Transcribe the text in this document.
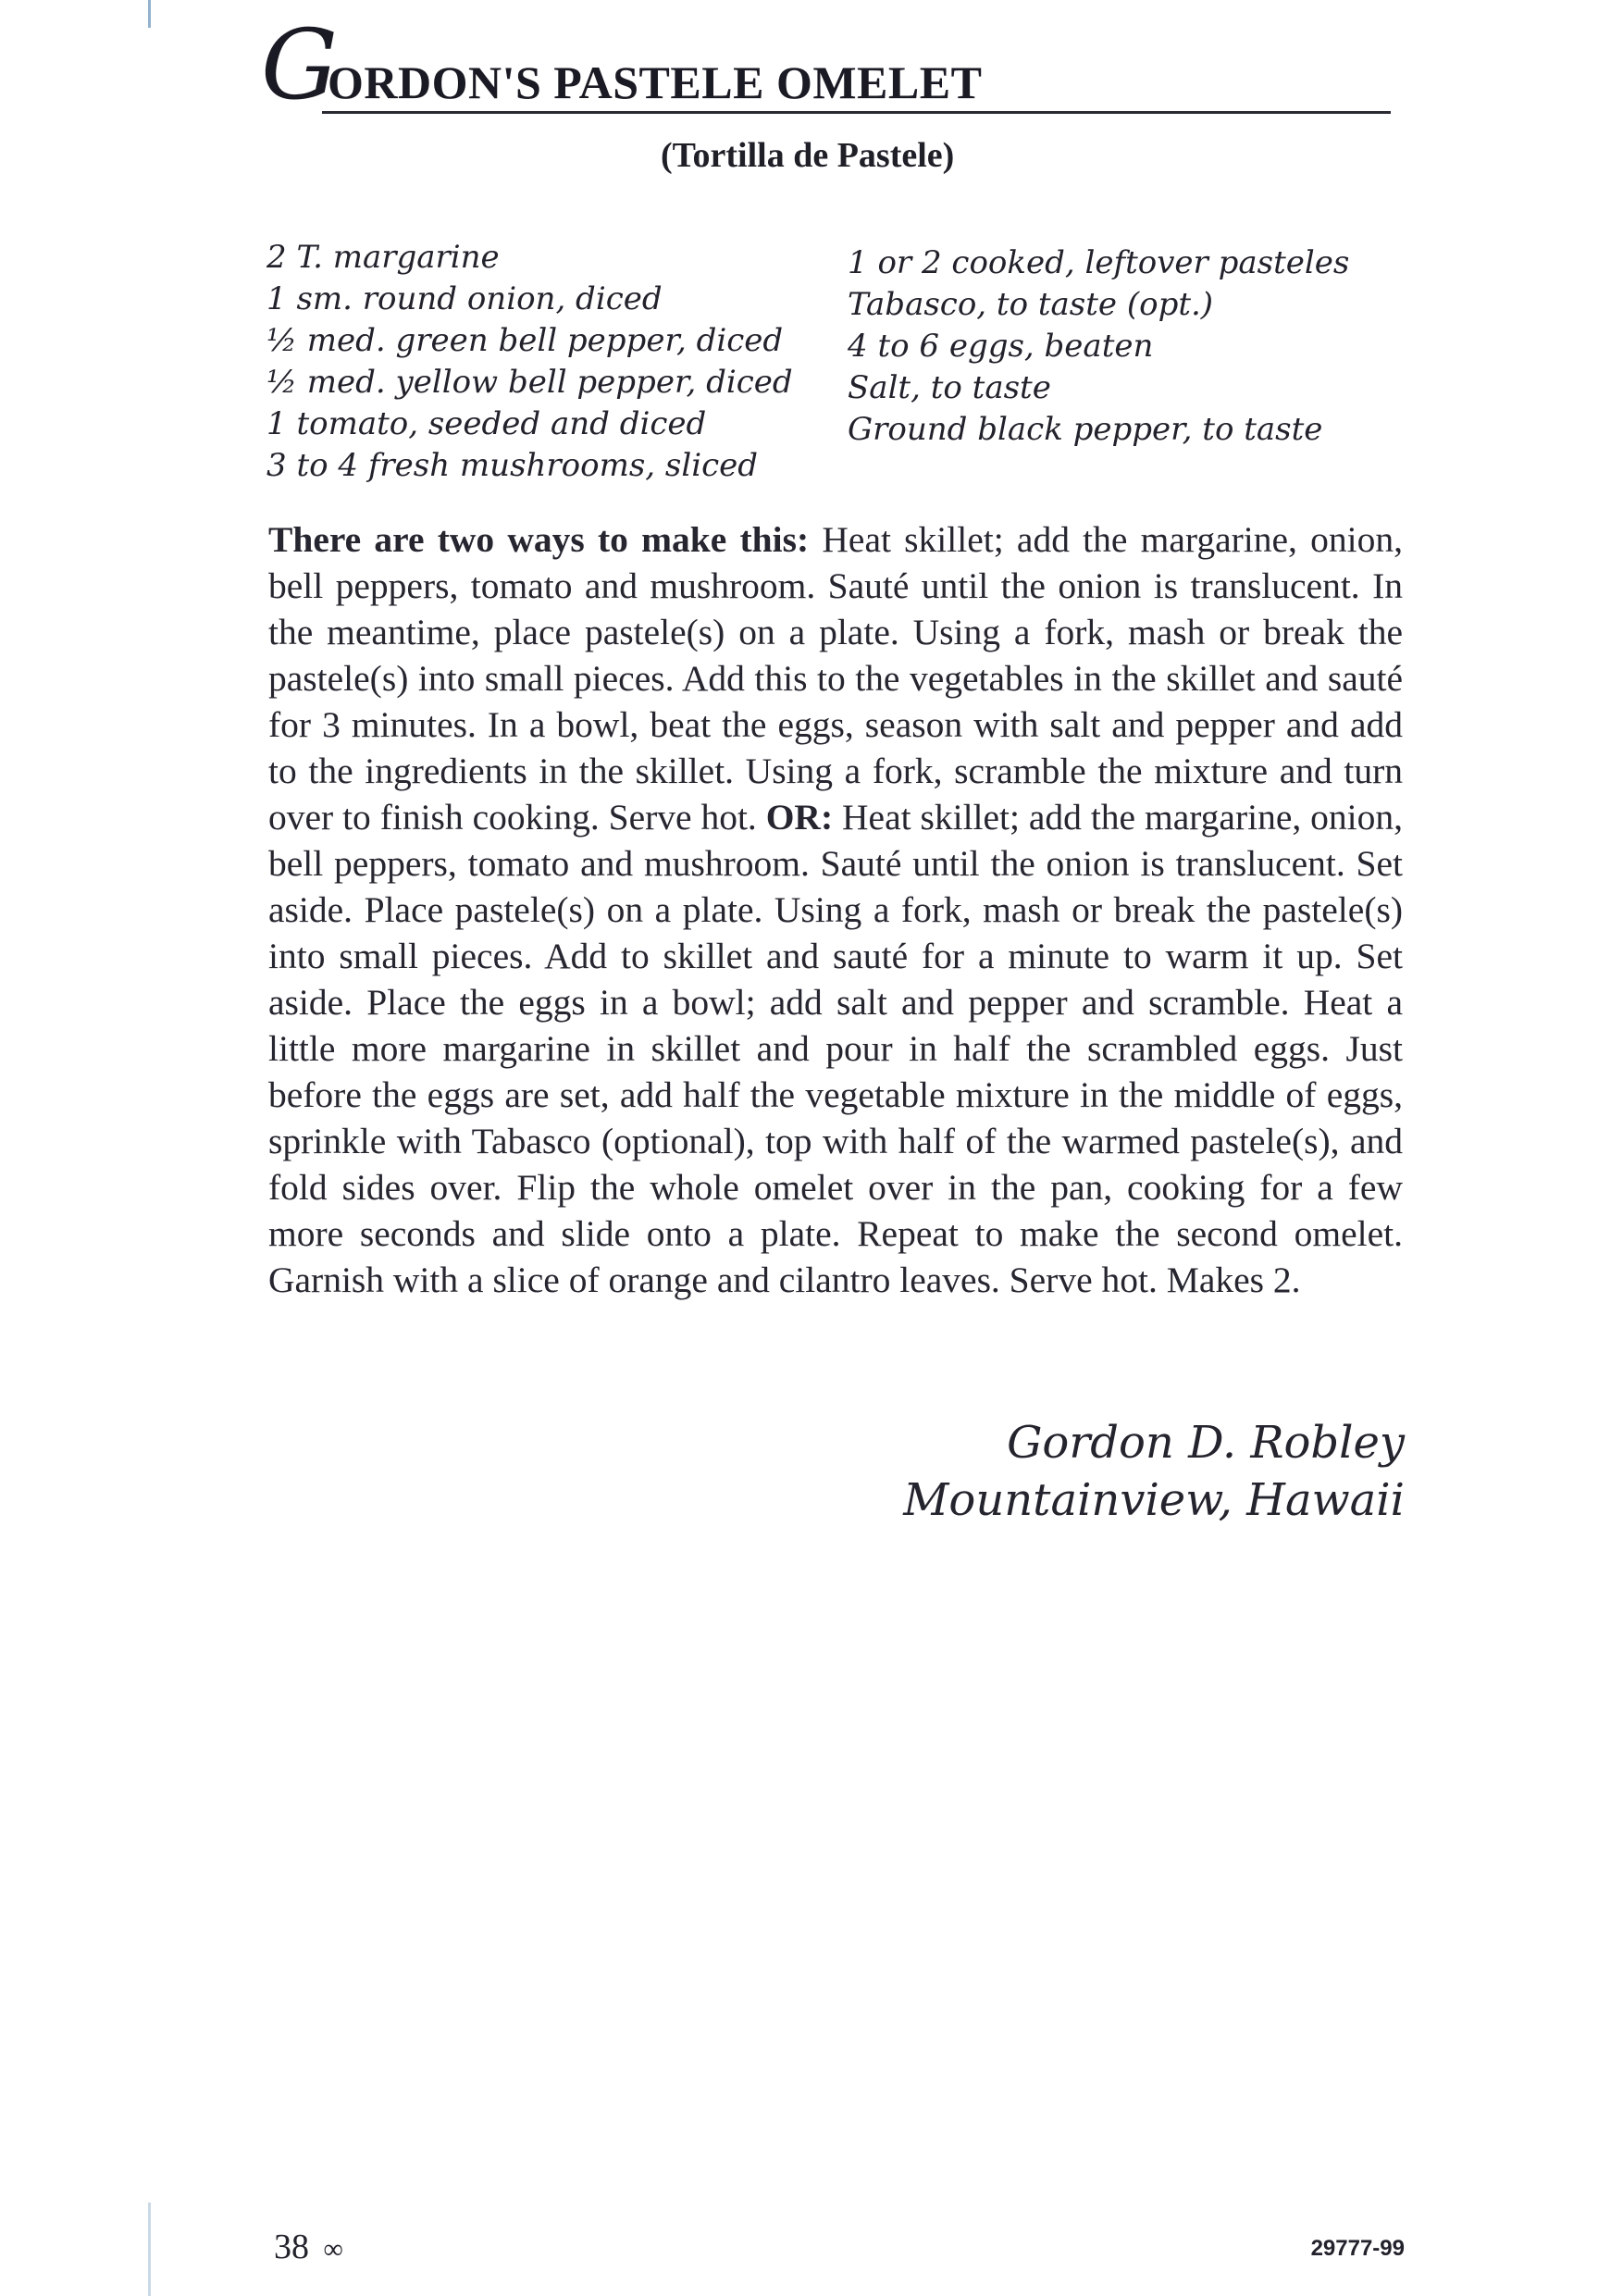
G
ORDON'S PASTELE OMELET
(Tortilla de Pastele)
2 T. margarine
1 sm. round onion, diced
½ med. green bell pepper, diced
½ med. yellow bell pepper, diced
1 tomato, seeded and diced
3 to 4 fresh mushrooms, sliced
1 or 2 cooked, leftover pasteles
Tabasco, to taste (opt.)
4 to 6 eggs, beaten
Salt, to taste
Ground black pepper, to taste
There are two ways to make this: Heat skillet; add the margarine, onion, bell peppers, tomato and mushroom. Sauté until the onion is translucent. In the meantime, place pastele(s) on a plate. Using a fork, mash or break the pastele(s) into small pieces. Add this to the vegetables in the skillet and sauté for 3 minutes. In a bowl, beat the eggs, season with salt and pepper and add to the ingredients in the skillet. Using a fork, scramble the mixture and turn over to finish cooking. Serve hot. OR: Heat skillet; add the margarine, onion, bell peppers, tomato and mushroom. Sauté until the onion is translucent. Set aside. Place pastele(s) on a plate. Using a fork, mash or break the pastele(s) into small pieces. Add to skillet and sauté for a minute to warm it up. Set aside. Place the eggs in a bowl; add salt and pepper and scramble. Heat a little more margarine in skillet and pour in half the scrambled eggs. Just before the eggs are set, add half the vegetable mixture in the middle of eggs, sprinkle with Tabasco (optional), top with half of the warmed pastele(s), and fold sides over. Flip the whole omelet over in the pan, cooking for a few more seconds and slide onto a plate. Repeat to make the second omelet. Garnish with a slice of orange and cilantro leaves. Serve hot. Makes 2.
Gordon D. Robley
Mountainview, Hawaii
38 ∞	29777-99
